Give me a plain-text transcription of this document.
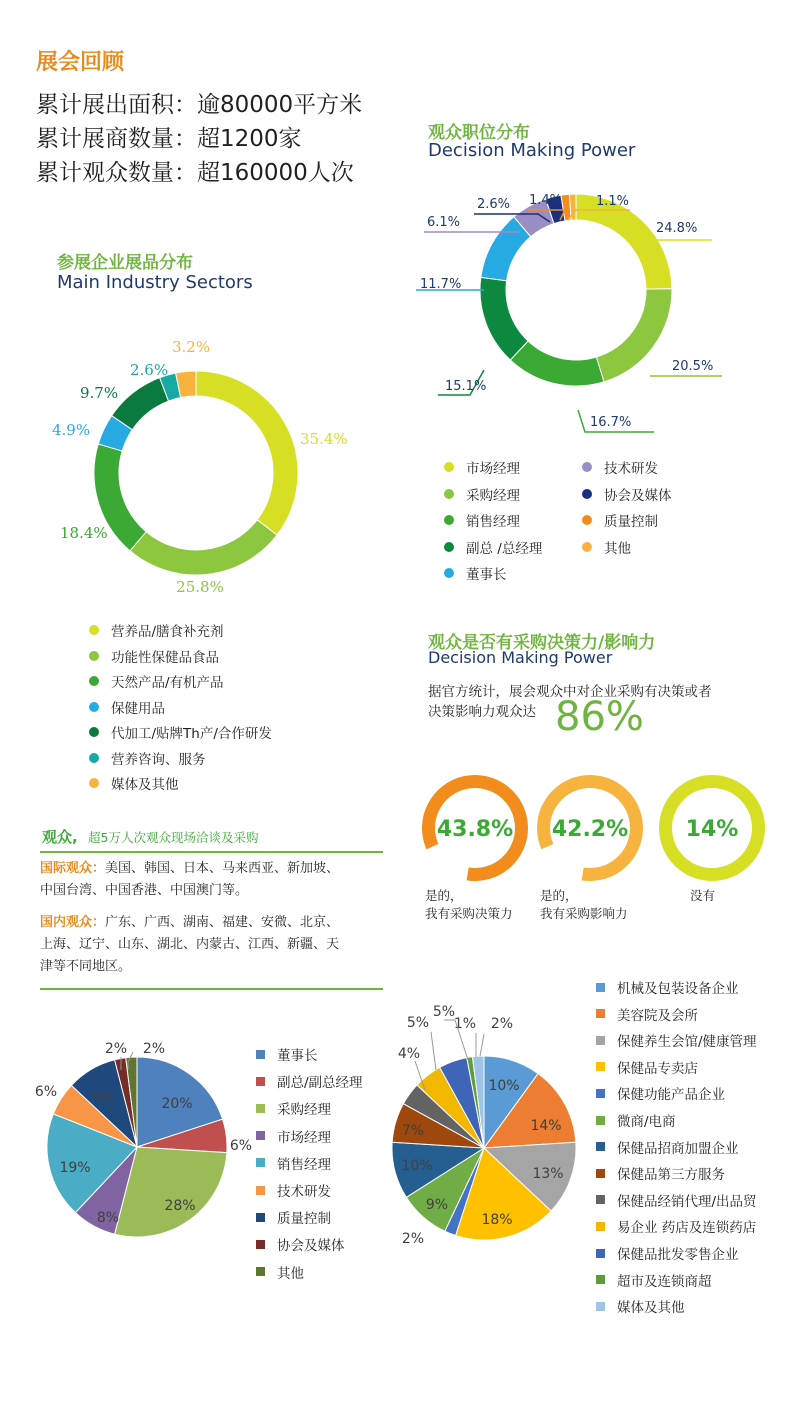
展会回顾
累计展出面积：逾80000平方米
累计展商数量：超1200家
累计观众数量：超160000人次
参展企业展品分布
Main Industry Sectors
35.4%
25.8%
18.4%
4.9%
9.7%
2.6%
3.2%
营养品/膳食补充剂
功能性保健品食品
天然产品/有机产品
保健用品
代加工/贴牌Th产/合作研发
营养咨询、服务
媒体及其他
观众职位分布
Decision Making Power
24.8%
20.5%
16.7%
15.1%
11.7%
6.1%
2.6% 1.4%	1.1%
市场经理
采购经理
销售经理
副总 /总经理
董事长
技术研发
协会及媒体
质量控制
其他
观众是否有采购决策力/影响力
Decision Making Power
据官方统计，展会观众中对企业采购有决策或者
决策影响力观众达 86%
43.8%
是的，
我有采购决策力
42.2%
是的，
我有采购影响力
14%
没有
观众, 超5万人次观众现场洽谈及采购
国际观众：美国、韩国、日本、马来西亚、新加坡、
中国台湾、中国香港、中国澳门等。
国内观众：广东、广西、湖南、福建、安微、北京、
上海、辽宁、山东、湖北、内蒙古、江西、新疆、天
津等不同地区。
20%
6%
28%
8%
19%
6%	9%
2% 2%	董事长
副总/副总经理
采购经理
市场经理
销售经理
技术研发
质量控制
协会及媒体
其他
10%
14%
13%
18%
2%
9%
10%
7%
4%
5%
5%
1% 2%
机械及包装设备企业
美容院及会所
保健养生会馆/健康管理
保健品专卖店
保健功能产品企业
微商/电商
保健品招商加盟企业
保健品第三方服务
保健品经销代理/出品贸
易企业 药店及连锁药店
保健品批发零售企业
超市及连锁商超
媒体及其他
